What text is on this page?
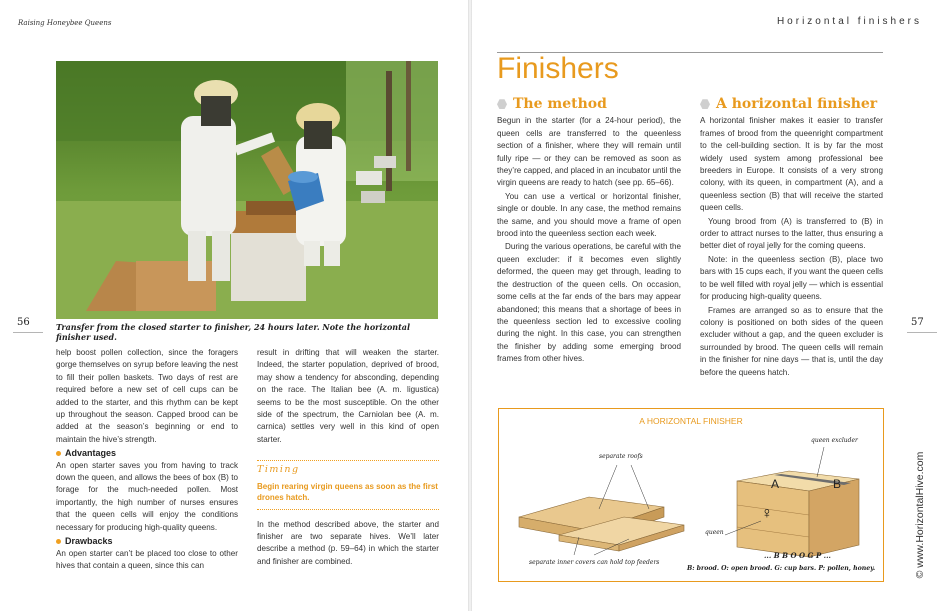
Raising Honeybee Queens
56	Transfer from the closed starter to finisher, 24 hours later. Note the horizontal finisher used.

help boost pollen collection, since the foragers gorge themselves on syrup before leaving the nest to fill their pollen baskets. Two days of rest are required before a new set of cell cups can be added to the starter, and this rhythm can be kept up throughout the season. Capped brood can be added at the season’s beginning or end to maintain the hive’s strength.

Advantages

An open starter saves you from having to track down the queen, and allows the bees of box (B) to forage for the much-needed pollen. Most importantly, the high number of nurses ensures that the queen cells will enjoy the conditions necessary for producing high-quality queens.

Drawbacks

An open starter can’t be placed too close to other hives that contain a queen, since this can

result in drifting that will weaken the starter. Indeed, the starter population, deprived of brood, may show a tendency for absconding, depending on the race. The Italian bee (A. m. ligustica) seems to be the most susceptible. On the other side of the spectrum, the Carniolan bee (A. m. carnica) settles very well in this kind of open starter.

Timing
Begin rearing virgin queens as soon as the first drones hatch.

In the method described above, the starter and finisher are two separate hives. We’ll later describe a method (p. 59–64) in which the starter and finisher are combined.

Horizontal finishers
Finishers
The method

Begun in the starter (for a 24-hour period), the queen cells are transferred to the queenless section of a finisher, where they will remain until fully ripe — or they can be removed as soon as they’re capped, and placed in an incubator until the virgin queens are ready to hatch (see pp. 65–66).

You can use a vertical or horizontal finisher, single or double. In any case, the method remains the same, and you should move a frame of open brood into the queenless section each week.

During the various operations, be careful with the queen excluder: if it becomes even slightly deformed, the queen may get through, leading to the destruction of the queen cells. On occasion, some cells at the far ends of the bars may appear abandoned; this means that a shortage of bees in the queenless section led to excessive cooling during the night. In this case, you can strengthen the finisher by adding some emerging brood frames from other hives.

A horizontal finisher

A horizontal finisher makes it easier to transfer frames of brood from the queenright compartment to the cell-building section. It is by far the most widely used system among professional bee breeders in Europe. It consists of a very strong colony, with its queen, in compartment (A), and a queenless section (B) that will receive the started queen cells.

Young brood from (A) is transferred to (B) in order to attract nurses to the latter, thus ensuring a better diet of royal jelly for the coming queens.

Note: in the queenless section (B), place two bars with 15 cups each, if you want the queen cells to be well filled with royal jelly — which is essential for producing high-quality queens.

Frames are arranged so as to ensure that the colony is positioned on both sides of the queen excluder without a gap, and the queen excluder is surrounded by brood. The queen cells will remain in the finisher for nine days — that is, until the day before the queens hatch.

57
A HORIZONTAL FINISHER
separate roofs
separate inner covers can hold top feeders
queen excluder
A	B
queen
♀
... B B O O G P ...
B: brood. O: open brood. G: cup bars. P: pollen, honey.	© www.HorizontalHive.com
